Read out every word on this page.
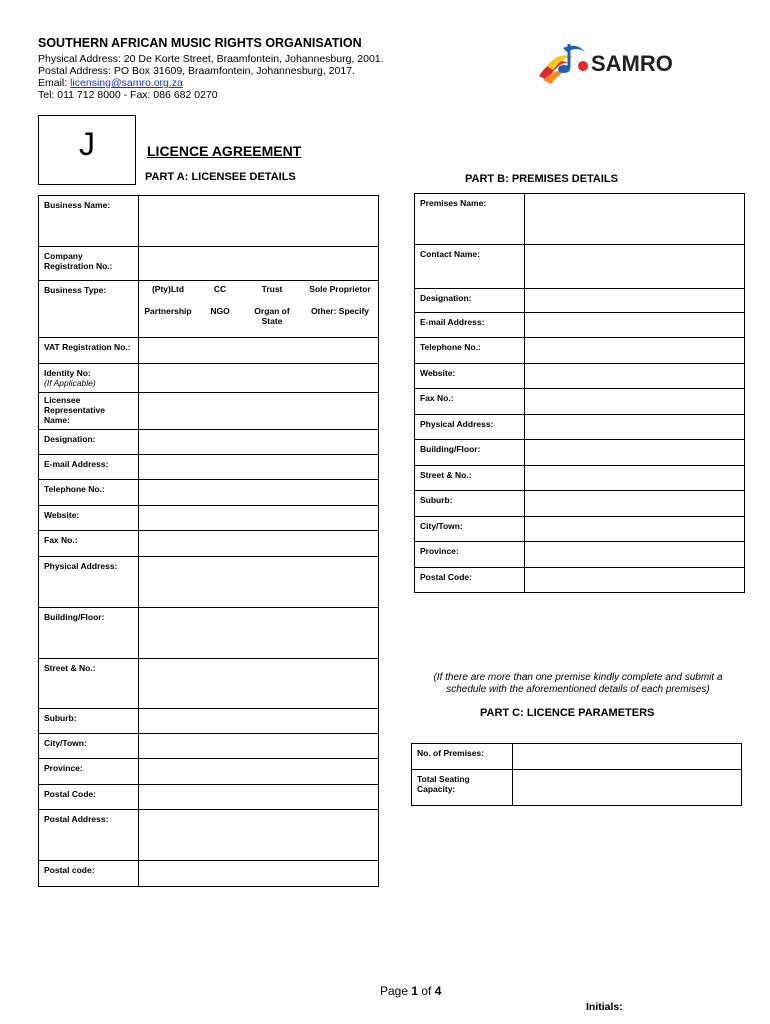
SOUTHERN AFRICAN MUSIC RIGHTS ORGANISATION
Physical Address: 20 De Korte Street, Braamfontein, Johannesburg, 2001.
Postal Address: PO Box 31609, Braamfontein, Johannesburg, 2017.
Email: licensing@samro.org.za
Tel: 011 712 8000 - Fax: 086 682 0270
SAMRO
J	LICENCE AGREEMENT
PART A: LICENSEE DETAILS	PART B: PREMISES DETAILS
Business Name:	
Company Registration No.:	
Business Type:		(Pty)Ltd	CC	Trust	Sole Proprietor
Partnership	NGO	Organ of State	Other: Specify

VAT Registration No.:	

Identity No:
(If Applicable)

Licensee Representative Name:	
Designation:	
E-mail Address:	
Telephone No.:	
Website:	
Fax No.:	
Physical Address:	
Building/Floor:	
Street & No.:	
Suburb:	
City/Town:	
Province:	
Postal Code:	
Postal Address:	
Postal code:	
Premises Name:	
Contact Name:	
Designation:	
E-mail Address:	
Telephone No.:	
Website:	
Fax No.:	
Physical Address:	
Building/Floor:	
Street & No.:	
Suburb:	
City/Town:	
Province:	
Postal Code:	
(If there are more than one premise kindly complete and submit a schedule with the aforementioned details of each premises)
PART C: LICENCE PARAMETERS
No. of Premises:	
Total Seating Capacity:	
Page 1 of 4
Initials:
